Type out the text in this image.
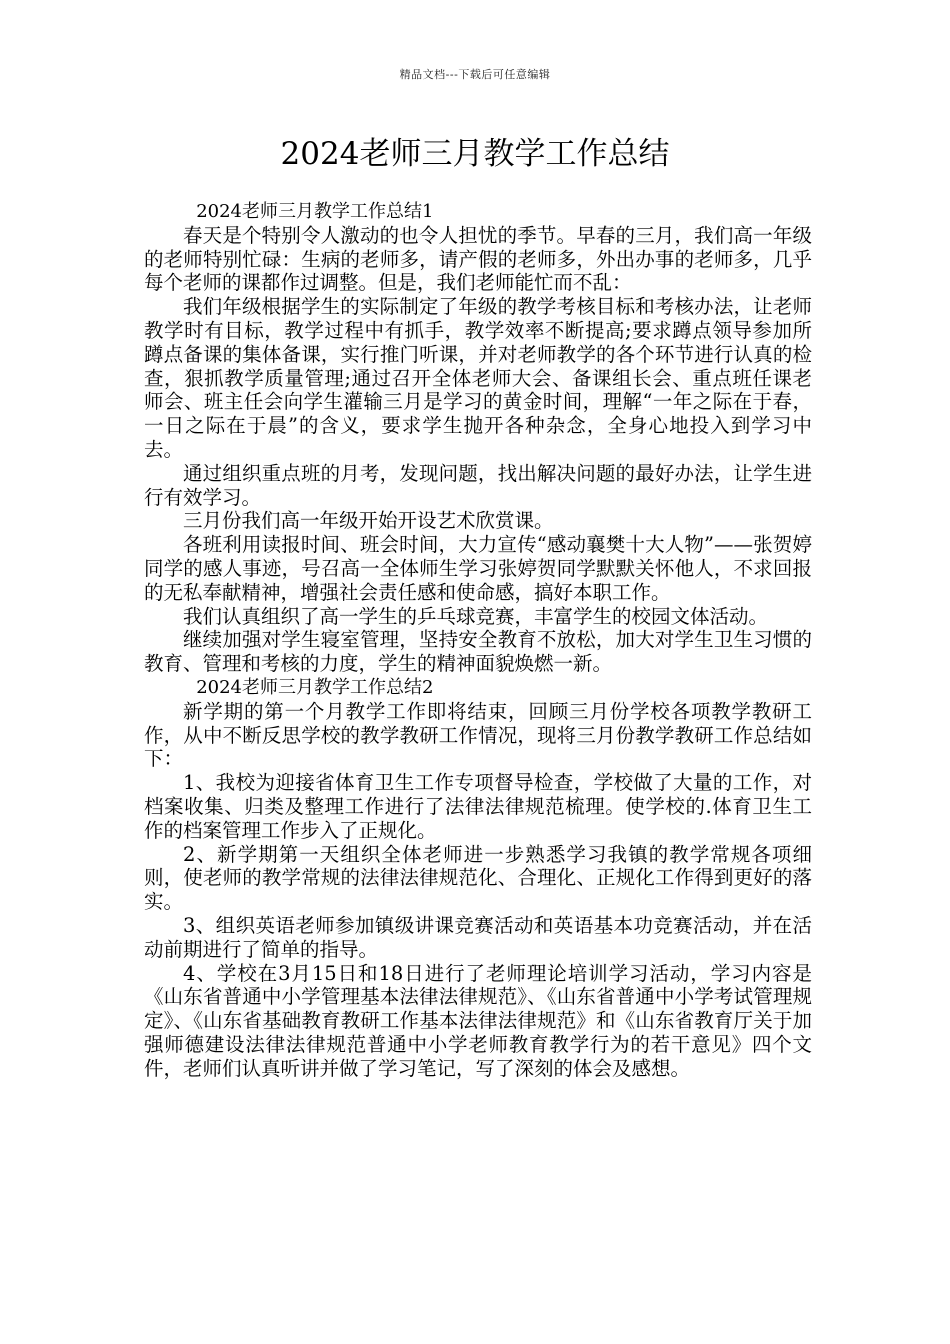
精品文档---下载后可任意编辑
2024老师三月教学工作总结

2024老师三月教学工作总结1

春天是个特别令人激动的也令人担忧的季节。早春的三月，我们高一年级的老师特别忙碌：生病的老师多，请产假的老师多，外出办事的老师多，几乎每个老师的课都作过调整。但是，我们老师能忙而不乱：

我们年级根据学生的实际制定了年级的教学考核目标和考核办法，让老师教学时有目标，教学过程中有抓手，教学效率不断提高;要求蹲点领导参加所蹲点备课的集体备课，实行推门听课，并对老师教学的各个环节进行认真的检查，狠抓教学质量管理;通过召开全体老师大会、备课组长会、重点班任课老师会、班主任会向学生灌输三月是学习的黄金时间，理解“一年之际在于春，一日之际在于晨”的含义，要求学生抛开各种杂念，全身心地投入到学习中去。

通过组织重点班的月考，发现问题，找出解决问题的最好办法，让学生进行有效学习。

三月份我们高一年级开始开设艺术欣赏课。

各班利用读报时间、班会时间，大力宣传“感动襄樊十大人物”——张贺婷同学的感人事迹，号召高一全体师生学习张婷贺同学默默关怀他人，不求回报的无私奉献精神，增强社会责任感和使命感，搞好本职工作。

我们认真组织了高一学生的乒乓球竞赛，丰富学生的校园文体活动。

继续加强对学生寝室管理，坚持安全教育不放松，加大对学生卫生习惯的教育、管理和考核的力度，学生的精神面貌焕燃一新。

2024老师三月教学工作总结2

新学期的第一个月教学工作即将结束，回顾三月份学校各项教学教研工作，从中不断反思学校的教学教研工作情况，现将三月份教学教研工作总结如下：

1、我校为迎接省体育卫生工作专项督导检查，学校做了大量的工作，对档案收集、归类及整理工作进行了法律法律规范梳理。使学校的.体育卫生工作的档案管理工作步入了正规化。

2、新学期第一天组织全体老师进一步熟悉学习我镇的教学常规各项细则，使老师的教学常规的法律法律规范化、合理化、正规化工作得到更好的落实。

3、组织英语老师参加镇级讲课竞赛活动和英语基本功竞赛活动，并在活动前期进行了简单的指导。

4、学校在3月15日和18日进行了老师理论培训学习活动，学习内容是《山东省普通中小学管理基本法律法律规范》、《山东省普通中小学考试管理规定》、《山东省基础教育教研工作基本法律法律规范》和《山东省教育厅关于加强师德建设法律法律规范普通中小学老师教育教学行为的若干意见》四个文件，老师们认真听讲并做了学习笔记，写了深刻的体会及感想。
